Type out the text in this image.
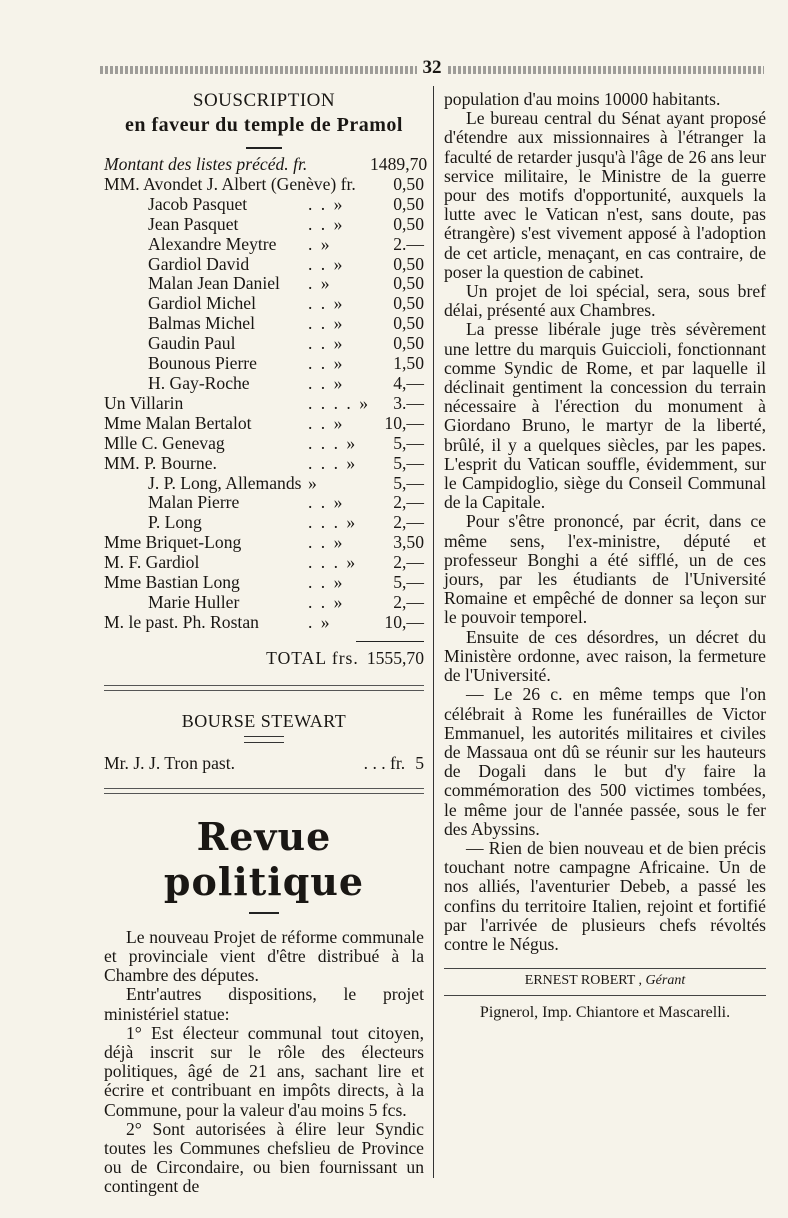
32
SOUSCRIPTION
en faveur du temple de Pramol
Montant des listes précéd. fr.	1489,70
MM. Avondet J. Albert (Genève) fr. 0,50
Jacob Pasquet	. . »	0,50
Jean Pasquet	. . »	0,50
Alexandre Meytre	. »	2.—
Gardiol David	. . »	0,50
Malan Jean Daniel	. »	0,50
Gardiol Michel	. . »	0,50
Balmas Michel	. . »	0,50
Gaudin Paul	. . »	0,50
Bounous Pierre	. . »	1,50
H. Gay-Roche	. . »	4,—
Un Villarin	. . . . »	3.—
Mme Malan Bertalot	. . »	10,—
Mlle C. Genevag	. . . »	5,—
MM. P. Bourne.	. . . »	5,—
J. P. Long, Allemands »	5,—
Malan Pierre	. . »	2,—
P. Long	. . . »	2,—
Mme Briquet-Long	. . »	3,50
M. F. Gardiol	. . . »	2,—
Mme Bastian Long	. . »	5,—
Marie Huller	. . »	2,—
M. le past. Ph. Rostan	. »	10,—
TOTAL frs. 1555,70
BOURSE STEWART
Mr. J. J. Tron past.	. . . fr. 5
Revue politique

Le nouveau Projet de réforme communale et provinciale vient d'être distribué à la Chambre des députes.

Entr'autres dispositions, le projet ministériel statue:

1° Est électeur communal tout citoyen, déjà inscrit sur le rôle des électeurs politiques, âgé de 21 ans, sachant lire et écrire et contribuant en impôts directs, à la Commune, pour la valeur d'au moins 5 fcs.

2° Sont autorisées à élire leur Syndic toutes les Communes chefslieu de Province ou de Circondaire, ou bien fournissant un contingent de

population d'au moins 10000 habitants.

Le bureau central du Sénat ayant proposé d'étendre aux missionnaires à l'étranger la faculté de retarder jusqu'à l'âge de 26 ans leur service militaire, le Ministre de la guerre pour des motifs d'opportunité, auxquels la lutte avec le Vatican n'est, sans doute, pas étrangère) s'est vivement apposé à l'adoption de cet article, menaçant, en cas contraire, de poser la question de cabinet.

Un projet de loi spécial, sera, sous bref délai, présenté aux Chambres.

La presse libérale juge très sévèrement une lettre du marquis Guiccioli, fonctionnant comme Syndic de Rome, et par laquelle il déclinait gentiment la concession du terrain nécessaire à l'érection du monument à Giordano Bruno, le martyr de la liberté, brûlé, il y a quelques siècles, par les papes. L'esprit du Vatican souffle, évidemment, sur le Campidoglio, siège du Conseil Communal de la Capitale.

Pour s'être prononcé, par écrit, dans ce même sens, l'ex-ministre, député et professeur Bonghi a été sifflé, un de ces jours, par les étudiants de l'Université Romaine et empêché de donner sa leçon sur le pouvoir temporel.

Ensuite de ces désordres, un décret du Ministère ordonne, avec raison, la fermeture de l'Université.

— Le 26 c. en même temps que l'on célébrait à Rome les funérailles de Victor Emmanuel, les autorités militaires et civiles de Massaua ont dû se réunir sur les hauteurs de Dogali dans le but d'y faire la commémoration des 500 victimes tombées, le même jour de l'année passée, sous le fer des Abyssins.

— Rien de bien nouveau et de bien précis touchant notre campagne Africaine. Un de nos alliés, l'aventurier Debeb, a passé les confins du territoire Italien, rejoint et fortifié par l'arrivée de plusieurs chefs révoltés contre le Négus.

ERNEST ROBERT , Gérant
Pignerol, Imp. Chiantore et Mascarelli.
